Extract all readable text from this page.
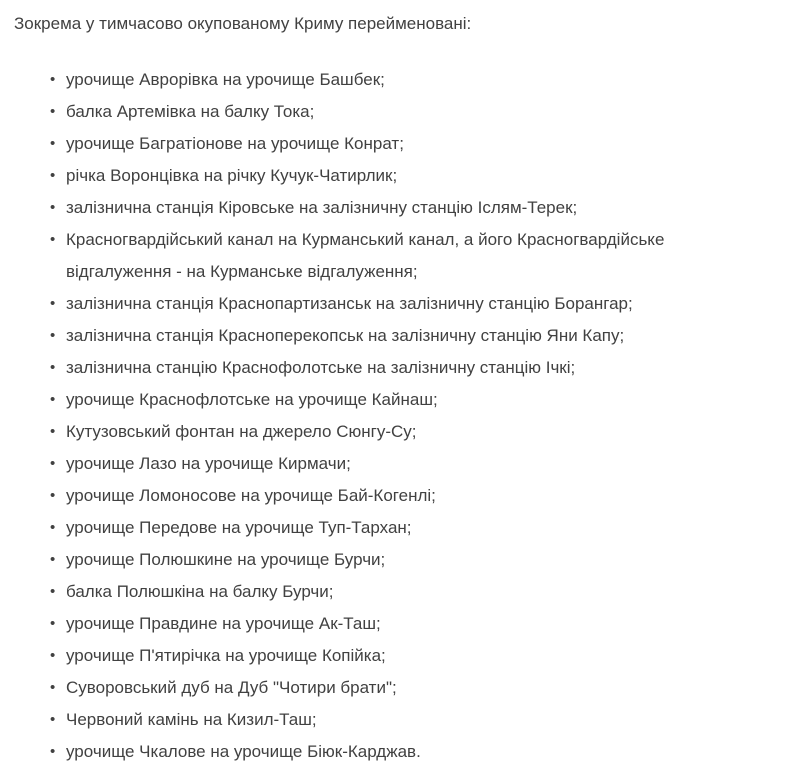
Зокрема у тимчасово окупованому Криму перейменовані:

• урочище Аврорівка на урочище Башбек;
• балка Артемівка на балку Тока;
• урочище Багратіонове на урочище Конрат;
• річка Воронцівка на річку Кучук-Чатирлик;
• залізнична станція Кіровське на залізничну станцію Іслям-Терек;
• Красногвардійський канал на Курманський канал, а його Красногвардійське відгалуження - на Курманське відгалуження;
• залізнична станція Краснопартизанськ на залізничну станцію Борангар;
• залізнична станція Красноперекопськ на залізничну станцію Яни Капу;
• залізнична станцію Краснофолотське на залізничну станцію Ічкі;
• урочище Краснофлотське на урочище Кайнаш;
• Кутузовський фонтан на джерело Сюнгу-Су;
• урочище Лазо на урочище Кирмачи;
• урочище Ломоносове на урочище Бай-Когенлі;
• урочище Передове на урочище Туп-Тархан;
• урочище Полюшкине на урочище Бурчи;
• балка Полюшкіна на балку Бурчи;
• урочище Правдине на урочище Ак-Таш;
• урочище П'ятирічка на урочище Копійка;
• Суворовський дуб на Дуб "Чотири брати";
• Червоний камінь на Кизил-Таш;
• урочище Чкалове на урочище Біюк-Карджав.
